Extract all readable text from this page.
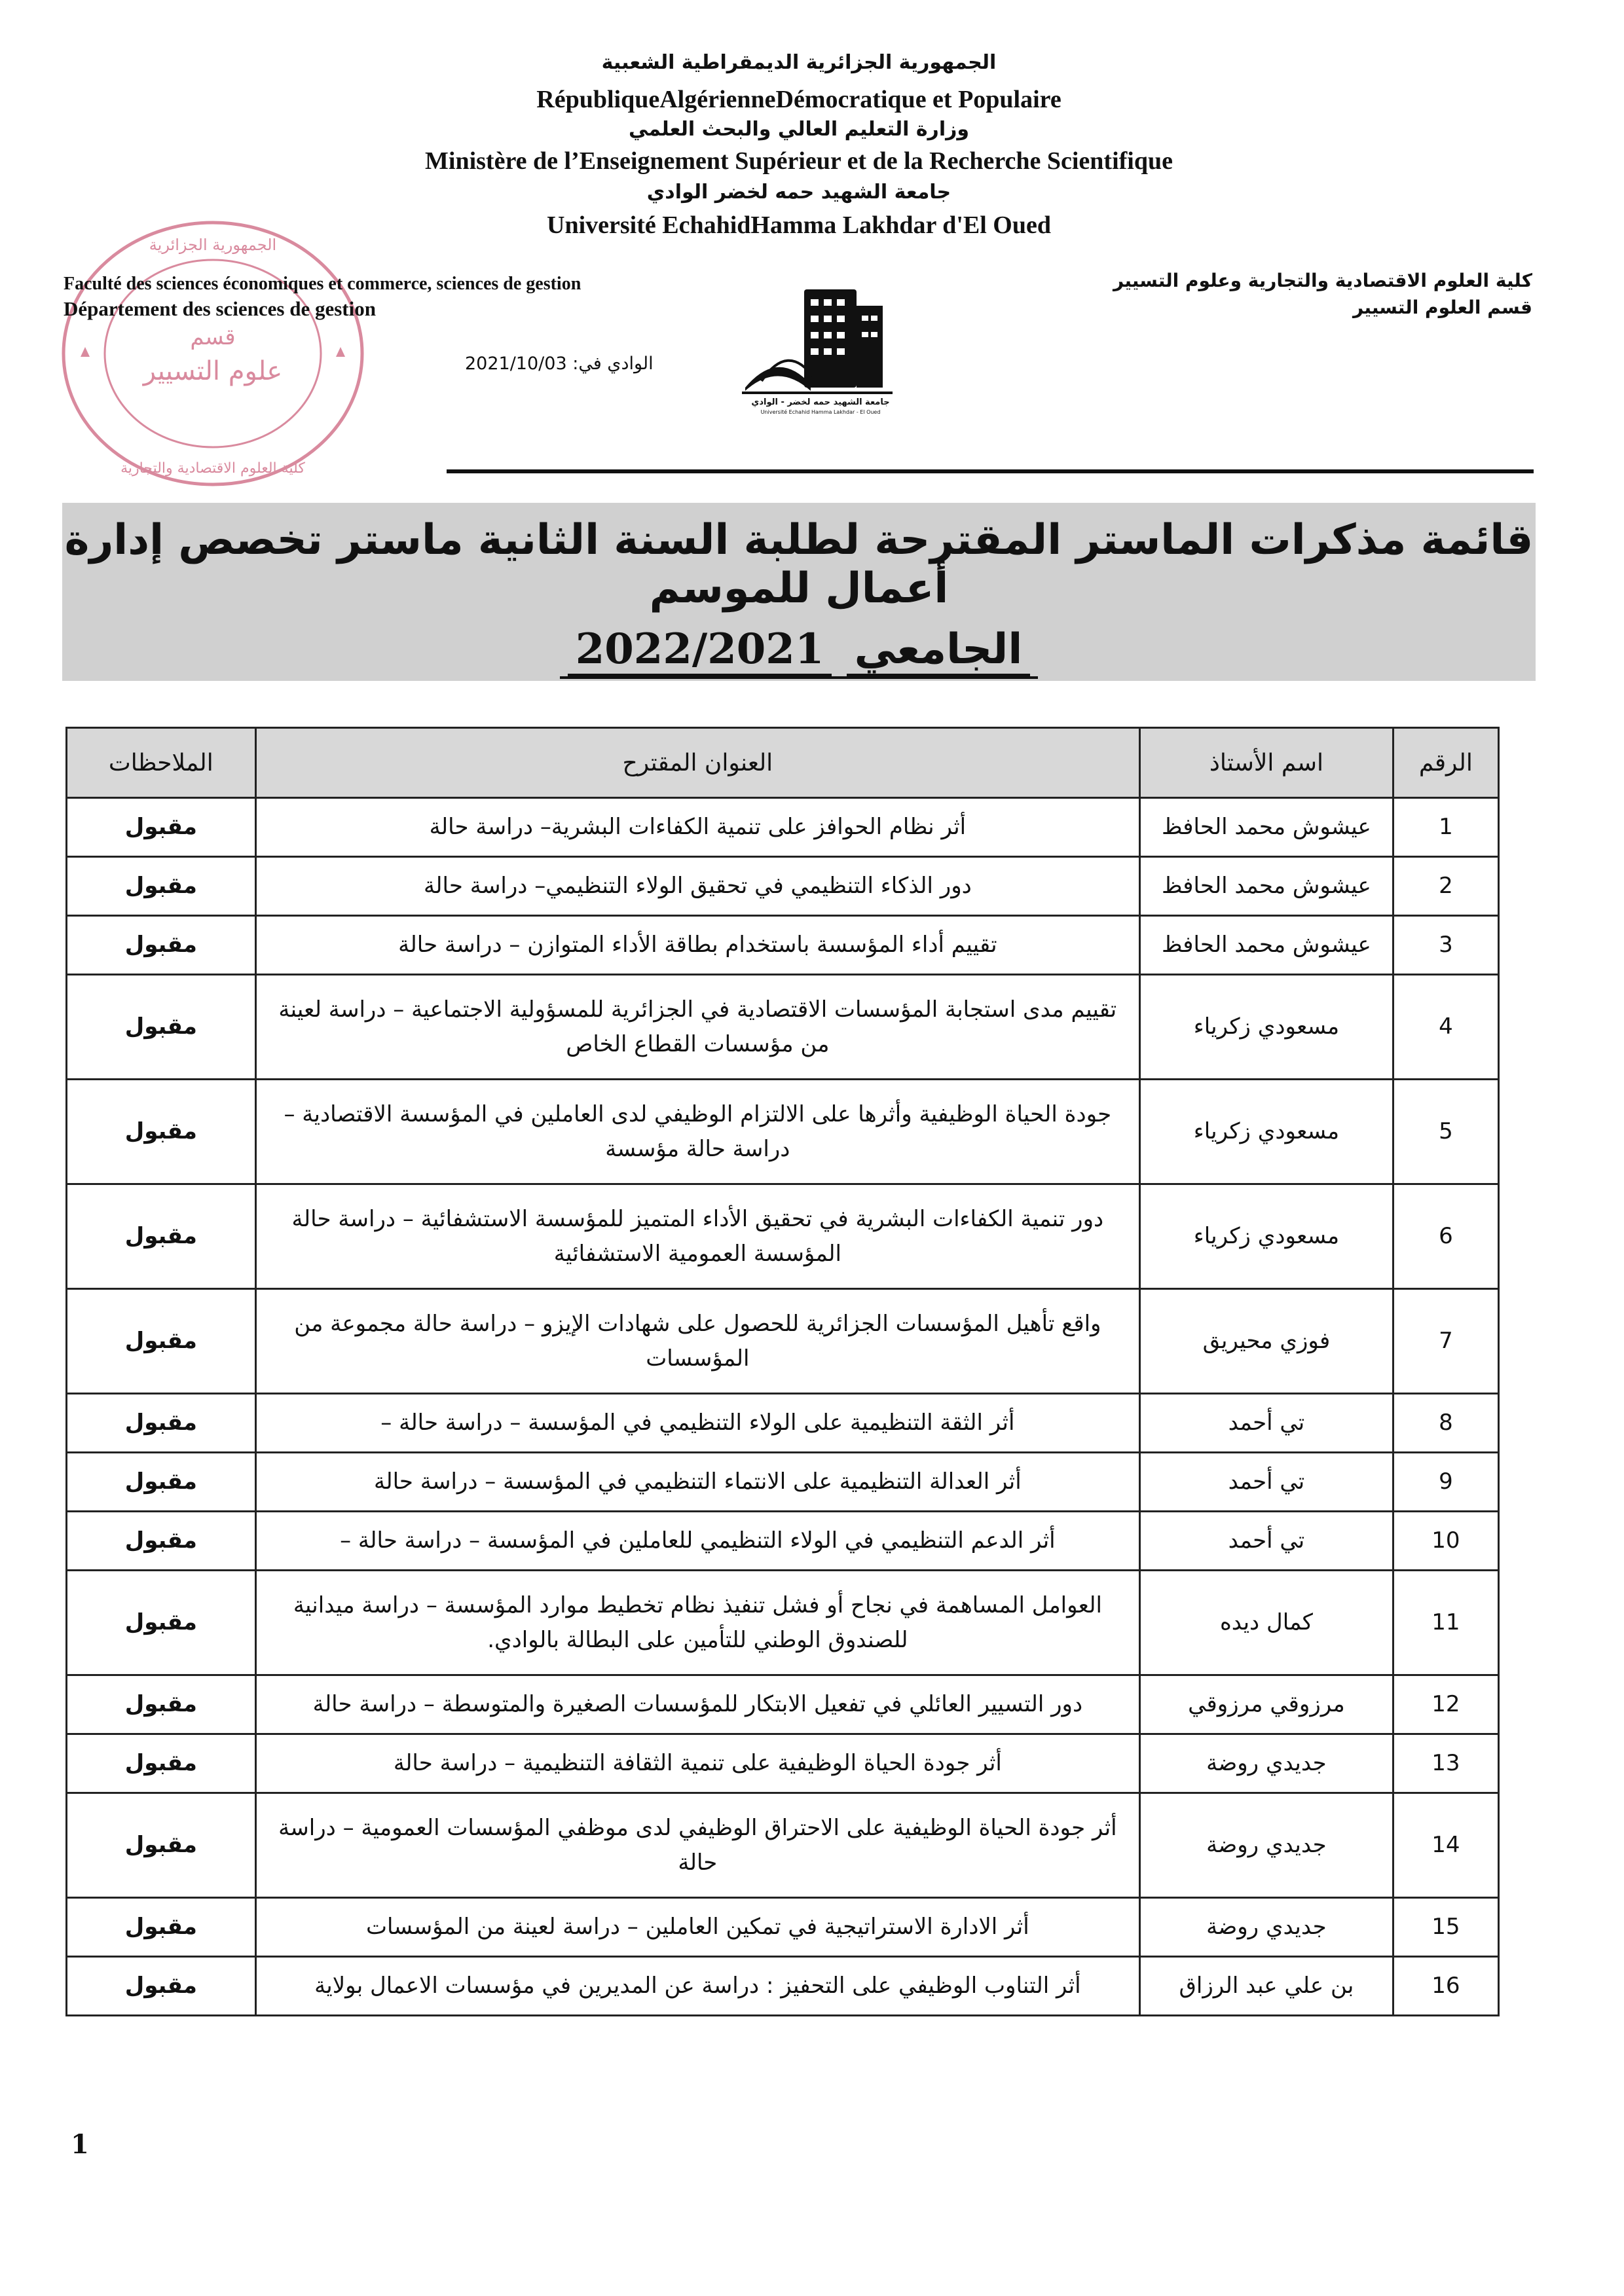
الجمهورية الجزائرية الديمقراطية الشعبية
RépubliqueAlgérienneDémocratique et Populaire
وزارة التعليم العالي والبحث العلمي
Ministère de l’Enseignement Supérieur et de la Recherche Scientifique
جامعة الشهيد حمه لخضر الوادي
Université EchahidHamma Lakhdar d'El Oued
الجمهورية الجزائرية
قسم
علوم التسيير
كلية العلوم الاقتصادية والتجارية
Faculté des sciences économiques et commerce, sciences de gestion
Département des sciences de gestion
كلية العلوم الاقتصادية والتجارية وعلوم التسيير
قسم العلوم التسيير
الوادي في: 2021/10/03
جامعة الشهيد حمه لخضر - الوادي
Université Echahid Hamma Lakhdar - El Oued
قائمة مذكرات الماستر المقترحة لطلبة السنة الثانية ماستر تخصص إدارة أعمال للموسم
الجامعي 2022/2021
الرقم	اسم الأستاذ	العنوان المقترح	الملاحظات
1	عيشوش محمد الحافظ	أثر نظام الحوافز على تنمية الكفاءات البشرية– دراسة حالة	مقبول
2	عيشوش محمد الحافظ	دور الذكاء التنظيمي في تحقيق الولاء التنظيمي– دراسة حالة	مقبول
3	عيشوش محمد الحافظ	تقييم أداء المؤسسة باستخدام بطاقة الأداء المتوازن – دراسة حالة	مقبول
4	مسعودي زكرياء	تقييم مدى استجابة المؤسسات الاقتصادية في الجزائرية للمسؤولية الاجتماعية – دراسة لعينة من مؤسسات القطاع الخاص	مقبول
5	مسعودي زكرياء	جودة الحياة الوظيفية وأثرها على الالتزام الوظيفي لدى العاملين في المؤسسة الاقتصادية – دراسة حالة مؤسسة	مقبول
6	مسعودي زكرياء	دور تنمية الكفاءات البشرية في تحقيق الأداء المتميز للمؤسسة الاستشفائية – دراسة حالة المؤسسة العمومية الاستشفائية	مقبول
7	فوزي محيريق	واقع تأهيل المؤسسات الجزائرية للحصول على شهادات الإيزو – دراسة حالة مجموعة من المؤسسات	مقبول
8	تي أحمد	أثر الثقة التنظيمية على الولاء التنظيمي في المؤسسة – دراسة حالة –	مقبول
9	تي أحمد	أثر العدالة التنظيمية على الانتماء التنظيمي في المؤسسة – دراسة حالة	مقبول
10	تي أحمد	أثر الدعم التنظيمي في الولاء التنظيمي للعاملين في المؤسسة – دراسة حالة –	مقبول
11	كمال ديده	العوامل المساهمة في نجاح أو فشل تنفيذ نظام تخطيط موارد المؤسسة – دراسة ميدانية للصندوق الوطني للتأمين على البطالة بالوادي.	مقبول
12	مرزوقي مرزوقي	دور التسيير العائلي في تفعيل الابتكار للمؤسسات الصغيرة والمتوسطة – دراسة حالة	مقبول
13	جديدي روضة	أثر جودة الحياة الوظيفية على تنمية الثقافة التنظيمية – دراسة حالة	مقبول
14	جديدي روضة	أثر جودة الحياة الوظيفية على الاحتراق الوظيفي لدى موظفي المؤسسات العمومية – دراسة حالة	مقبول
15	جديدي روضة	أثر الادارة الاستراتيجية في تمكين العاملين – دراسة لعينة من المؤسسات	مقبول
16	بن علي عبد الرزاق	أثر التناوب الوظيفي على التحفيز : دراسة عن المديرين في مؤسسات الاعمال بولاية	مقبول
1
